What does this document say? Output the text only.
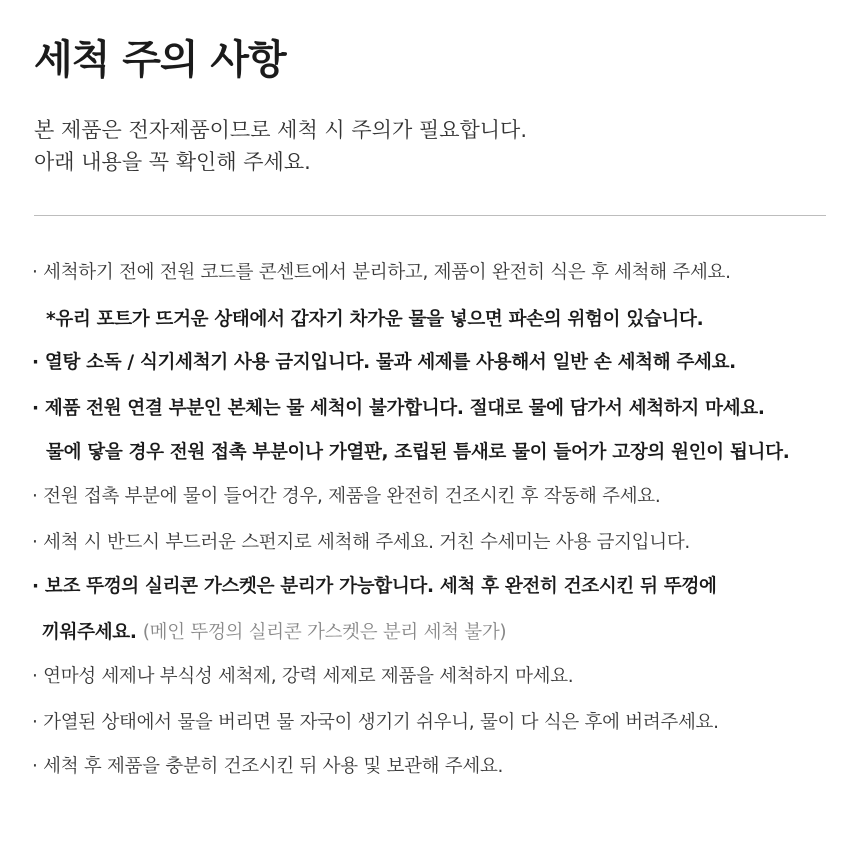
세척 주의 사항
본 제품은 전자제품이므로 세척 시 주의가 필요합니다.
아래 내용을 꼭 확인해 주세요.
· 세척하기 전에 전원 코드를 콘센트에서 분리하고, 제품이 완전히 식은 후 세척해 주세요.
*유리 포트가 뜨거운 상태에서 갑자기 차가운 물을 넣으면 파손의 위험이 있습니다.
· 열탕 소독 / 식기세척기 사용 금지입니다. 물과 세제를 사용해서 일반 손 세척해 주세요.
· 제품 전원 연결 부분인 본체는 물 세척이 불가합니다. 절대로 물에 담가서 세척하지 마세요.
물에 닿을 경우 전원 접촉 부분이나 가열판, 조립된 틈새로 물이 들어가 고장의 원인이 됩니다.
· 전원 접촉 부분에 물이 들어간 경우, 제품을 완전히 건조시킨 후 작동해 주세요.
· 세척 시 반드시 부드러운 스펀지로 세척해 주세요. 거친 수세미는 사용 금지입니다.
· 보조 뚜껑의 실리콘 가스켓은 분리가 가능합니다. 세척 후 완전히 건조시킨 뒤 뚜껑에
끼워주세요. (메인 뚜껑의 실리콘 가스켓은 분리 세척 불가)
· 연마성 세제나 부식성 세척제, 강력 세제로 제품을 세척하지 마세요.
· 가열된 상태에서 물을 버리면 물 자국이 생기기 쉬우니, 물이 다 식은 후에 버려주세요.
· 세척 후 제품을 충분히 건조시킨 뒤 사용 및 보관해 주세요.
